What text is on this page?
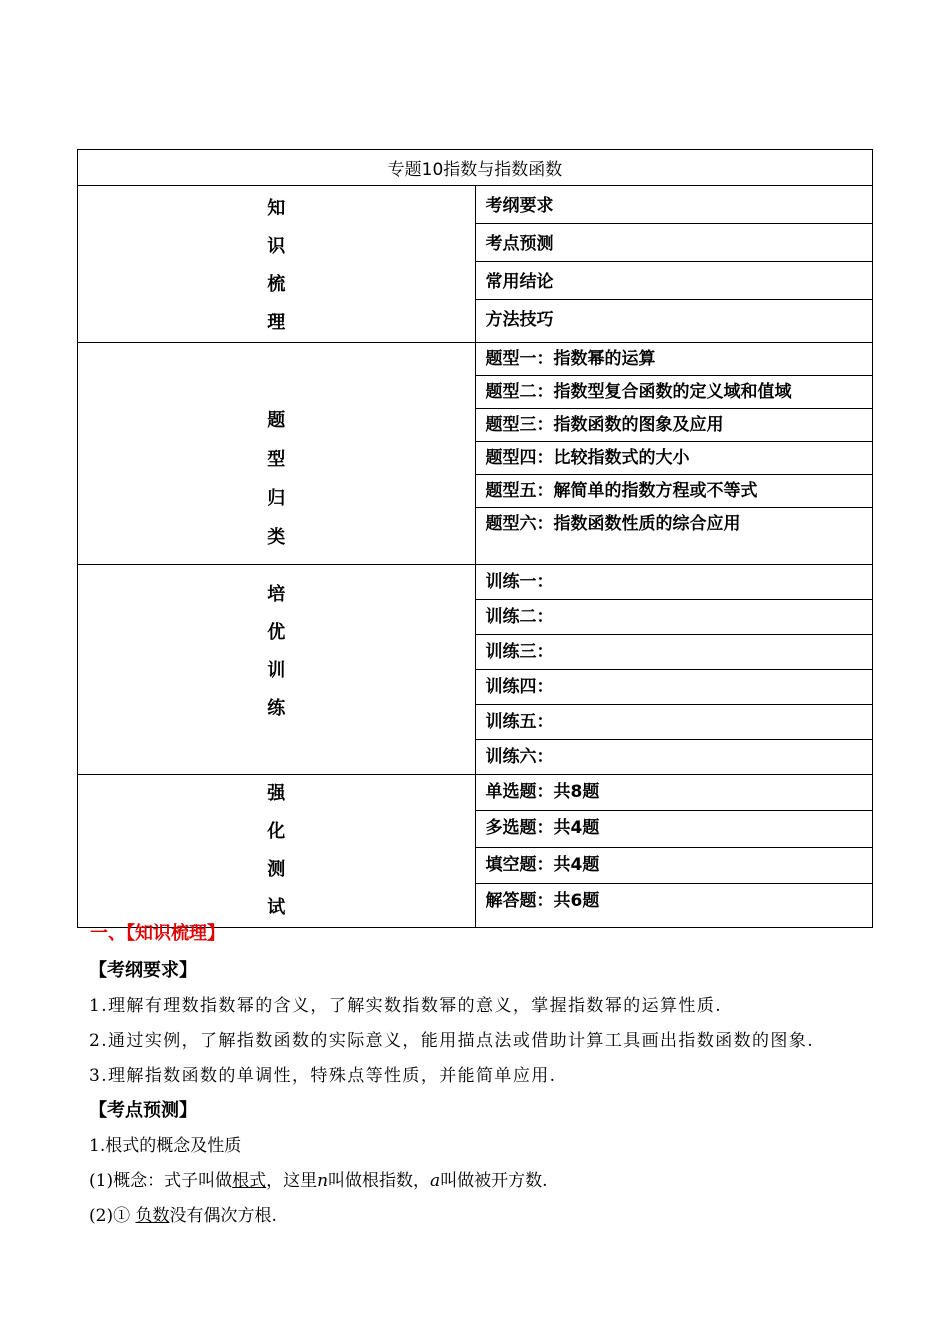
专题10指数与指数函数	

知
识
梳
理	考纲要求
	考点预测
	常用结论
	方法技巧

题
型
归
类	题型一：指数幂的运算
	题型二：指数型复合函数的定义域和值域
	题型三：指数函数的图象及应用
	题型四：比较指数式的大小
	题型五：解简单的指数方程或不等式
	题型六：指数函数性质的综合应用

培
优
训
练	训练一：
	训练二：
	训练三：
	训练四：
	训练五：
	训练六：

强
化
测
试	单选题：共8题
	多选题：共4题
	填空题：共4题
	解答题：共6题

一、【知识梳理】

【考纲要求】

1.理解有理数指数幂的含义，了解实数指数幂的意义，掌握指数幂的运算性质.

2.通过实例，了解指数函数的实际意义，能用描点法或借助计算工具画出指数函数的图象.

3.理解指数函数的单调性，特殊点等性质，并能简单应用.

【考点预测】

1.根式的概念及性质

(1)概念：式子叫做根式，这里n叫做根指数，a叫做被开方数.

(2)① 负数没有偶次方根.
